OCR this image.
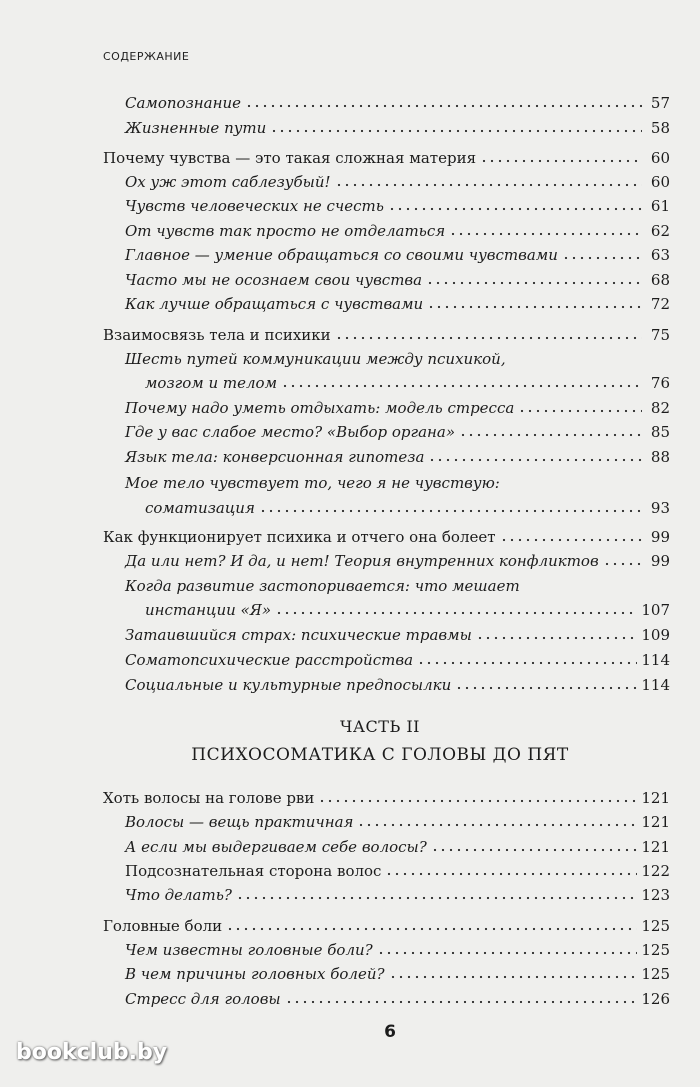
СОДЕРЖАНИЕ
Самопознание	57
Жизненные пути	58
Почему чувства — это такая сложная материя	60
Ох уж этот саблезубый!	60
Чувств человеческих не счесть	61
От чувств так просто не отделаться	62
Главное — умение обращаться со своими чувствами	63
Часто мы не осознаем свои чувства	68
Как лучше обращаться с чувствами	72
Взаимосвязь тела и психики	75
Шесть путей коммуникации между психикой,
мозгом и телом	76
Почему надо уметь отдыхать: модель стресса	82
Где у вас слабое место? «Выбор органа»	85
Язык тела: конверсионная гипотеза	88
Мое тело чувствует то, чего я не чувствую:
соматизация	93
Как функционирует психика и отчего она болеет	99
Да или нет? И да, и нет! Теория внутренних конфликтов	99
Когда развитие застопоривается: что мешает
инстанции «Я»	107
Затаившийся страх: психические травмы	109
Соматопсихические расстройства	114
Социальные и культурные предпосылки	114
ЧАСТЬ II
ПСИХОСОМАТИКА С ГОЛОВЫ ДО ПЯТ
Хоть волосы на голове рви	121
Волосы — вещь практичная	121
А если мы выдергиваем себе волосы?	121
Подсознательная сторона волос	122
Что делать?	123
Головные боли	125
Чем известны головные боли?	125
В чем причины головных болей?	125
Стресс для головы	126
6
bookclub.by
